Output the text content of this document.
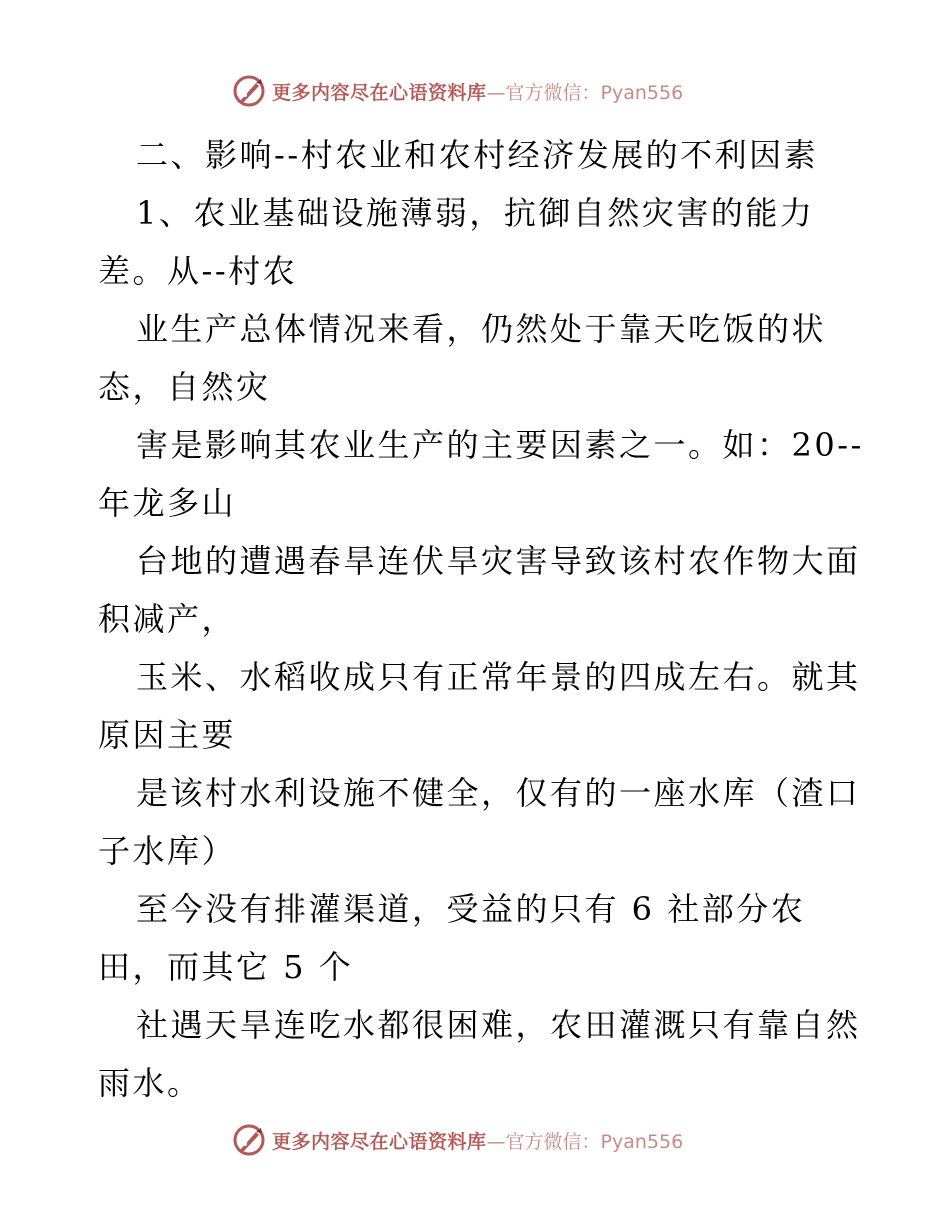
更多内容尽在心语资料库 —官方微信：Pyan556
二、影响--村农业和农村经济发展的不利因素
1、农业基础设施薄弱，抗御自然灾害的能力
差。从--村农
业生产总体情况来看，仍然处于靠天吃饭的状
态，自然灾
害是影响其农业生产的主要因素之一。如：20--
年龙多山
台地的遭遇春旱连伏旱灾害导致该村农作物大面
积减产，
玉米、水稻收成只有正常年景的四成左右。就其
原因主要
是该村水利设施不健全，仅有的一座水库（渣口
子水库）
至今没有排灌渠道，受益的只有 6 社部分农
田，而其它 5 个
社遇天旱连吃水都很困难，农田灌溉只有靠自然
雨水。
更多内容尽在心语资料库 —官方微信：Pyan556
